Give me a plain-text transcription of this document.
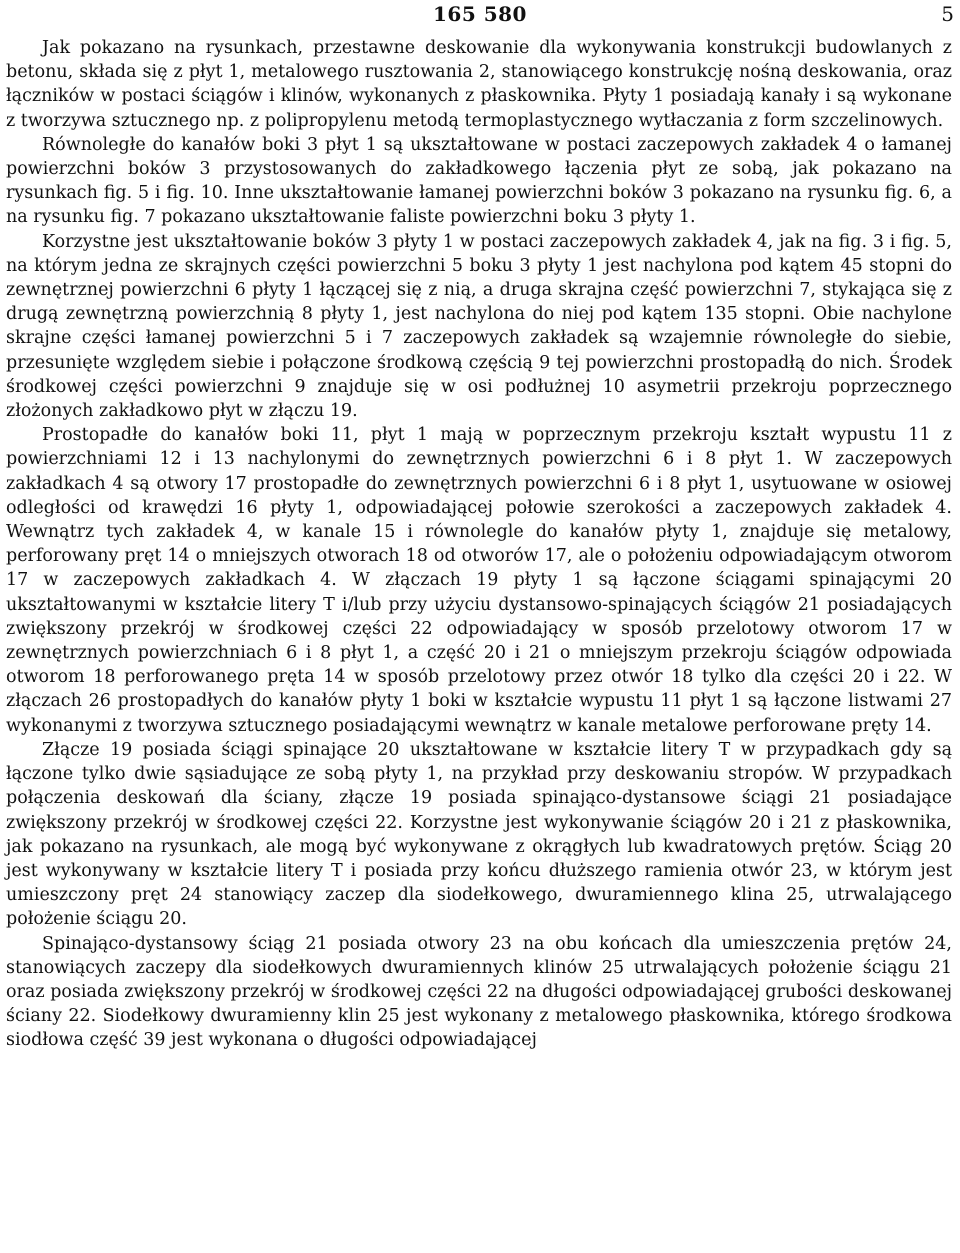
165 580	5

Jak pokazano na rysunkach, przestawne deskowanie dla wykonywania konstrukcji budowlanych z betonu, składa się z płyt 1, metalowego rusztowania 2, stanowiącego konstrukcję nośną deskowania, oraz łączników w postaci ściągów i klinów, wykonanych z płaskownika. Płyty 1 posiadają kanały i są wykonane z tworzywa sztucznego np. z polipropylenu metodą termoplastycznego wytłaczania z form szczelinowych.

Równoległe do kanałów boki 3 płyt 1 są ukształtowane w postaci zaczepowych zakładek 4 o łamanej powierzchni boków 3 przystosowanych do zakładkowego łączenia płyt ze sobą, jak pokazano na rysunkach fig. 5 i fig. 10. Inne ukształtowanie łamanej powierzchni boków 3 pokazano na rysunku fig. 6, a na rysunku fig. 7 pokazano ukształtowanie faliste powierzchni boku 3 płyty 1.

Korzystne jest ukształtowanie boków 3 płyty 1 w postaci zaczepowych zakładek 4, jak na fig. 3 i fig. 5, na którym jedna ze skrajnych części powierzchni 5 boku 3 płyty 1 jest nachylona pod kątem 45 stopni do zewnętrznej powierzchni 6 płyty 1 łączącej się z nią, a druga skrajna część powierzchni 7, stykająca się z drugą zewnętrzną powierzchnią 8 płyty 1, jest nachylona do niej pod kątem 135 stopni. Obie nachylone skrajne części łamanej powierzchni 5 i 7 zaczepowych zakładek są wzajemnie równoległe do siebie, przesunięte względem siebie i połączone środkową częścią 9 tej powierzchni prostopadłą do nich. Środek środkowej części powierzchni 9 znajduje się w osi podłużnej 10 asymetrii przekroju poprzecznego złożonych zakładkowo płyt w złączu 19.

Prostopadłe do kanałów boki 11, płyt 1 mają w poprzecznym przekroju kształt wypustu 11 z powierzchniami 12 i 13 nachylonymi do zewnętrznych powierzchni 6 i 8 płyt 1. W zaczepowych zakładkach 4 są otwory 17 prostopadłe do zewnętrznych powierzchni 6 i 8 płyt 1, usytuowane w osiowej odległości od krawędzi 16 płyty 1, odpowiadającej połowie szerokości a zaczepowych zakładek 4. Wewnątrz tych zakładek 4, w kanale 15 i równolegle do kanałów płyty 1, znajduje się metalowy, perforowany pręt 14 o mniejszych otworach 18 od otworów 17, ale o położeniu odpowiadającym otworom 17 w zaczepowych zakładkach 4. W złączach 19 płyty 1 są łączone ściągami spinającymi 20 ukształtowanymi w kształcie litery T i/lub przy użyciu dystansowo-spinających ściągów 21 posiadających zwiększony przekrój w środkowej części 22 odpowiadający w sposób przelotowy otworom 17 w zewnętrznych powierzchniach 6 i 8 płyt 1, a część 20 i 21 o mniejszym przekroju ściągów odpowiada otworom 18 perforowanego pręta 14 w sposób przelotowy przez otwór 18 tylko dla części 20 i 22. W złączach 26 prostopadłych do kanałów płyty 1 boki w kształcie wypustu 11 płyt 1 są łączone listwami 27 wykonanymi z tworzywa sztucznego posiadającymi wewnątrz w kanale metalowe perforowane pręty 14.

Złącze 19 posiada ściągi spinające 20 ukształtowane w kształcie litery T w przypadkach gdy są łączone tylko dwie sąsiadujące ze sobą płyty 1, na przykład przy deskowaniu stropów. W przypadkach połączenia deskowań dla ściany, złącze 19 posiada spinająco-dystansowe ściągi 21 posiadające zwiększony przekrój w środkowej części 22. Korzystne jest wykonywanie ściągów 20 i 21 z płaskownika, jak pokazano na rysunkach, ale mogą być wykonywane z okrągłych lub kwadratowych prętów. Ściąg 20 jest wykonywany w kształcie litery T i posiada przy końcu dłuższego ramienia otwór 23, w którym jest umieszczony pręt 24 stanowiący zaczep dla siodełkowego, dwuramiennego klina 25, utrwalającego położenie ściągu 20.

Spinająco-dystansowy ściąg 21 posiada otwory 23 na obu końcach dla umieszczenia prętów 24, stanowiących zaczepy dla siodełkowych dwuramiennych klinów 25 utrwalających położenie ściągu 21 oraz posiada zwiększony przekrój w środkowej części 22 na długości odpowiadającej grubości deskowanej ściany 22. Siodełkowy dwuramienny klin 25 jest wykonany z metalowego płaskownika, którego środkowa siodłowa część 39 jest wykonana o długości odpowiadającej
